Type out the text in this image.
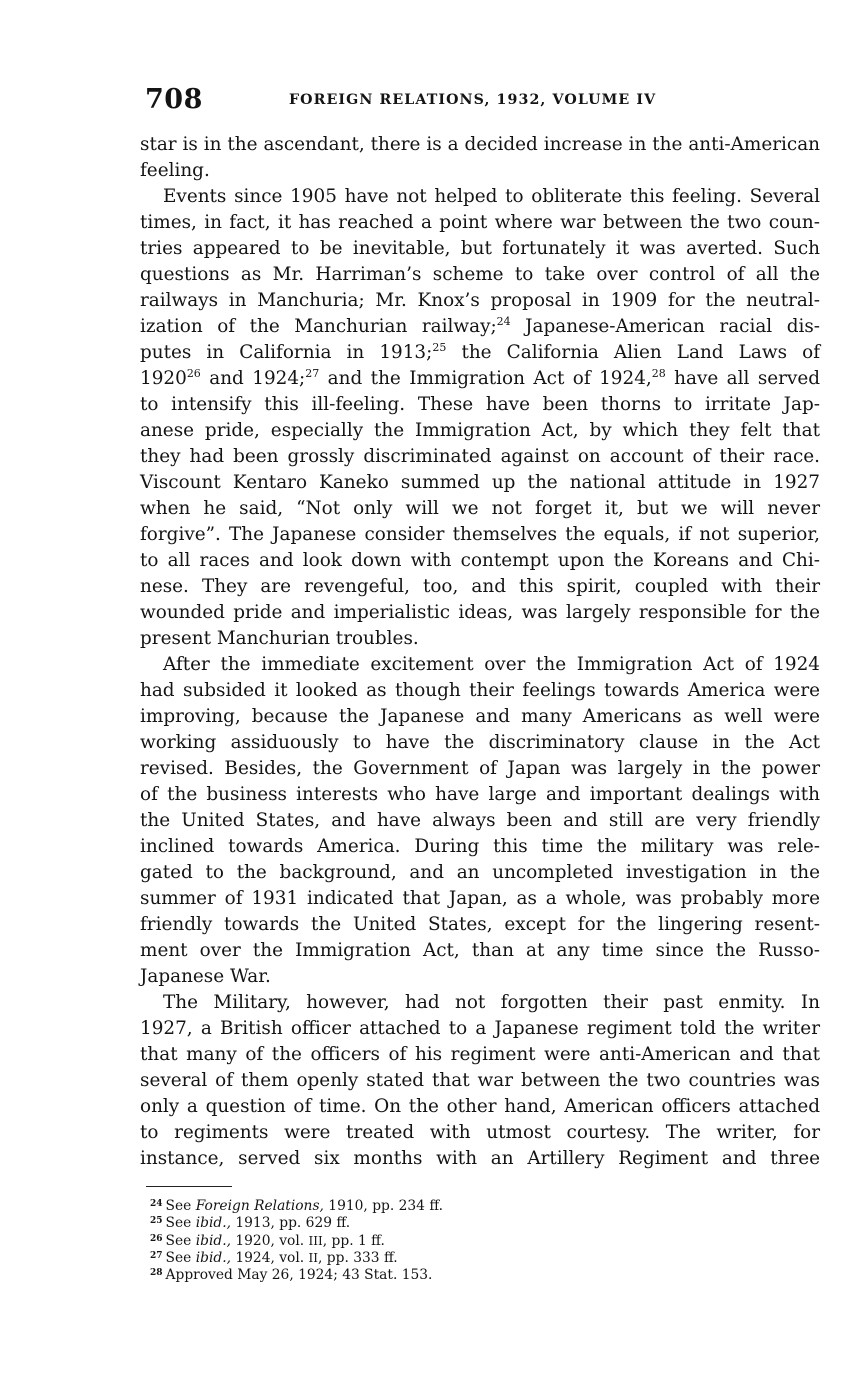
708	FOREIGN RELATIONS, 1932, VOLUME IV
star is in the ascendant, there is a decided increase in the anti-American
feeling.
Events since 1905 have not helped to obliterate this feeling. Several
times, in fact, it has reached a point where war between the two coun-
tries appeared to be inevitable, but fortunately it was averted. Such
questions as Mr. Harriman’s scheme to take over control of all the
railways in Manchuria; Mr. Knox’s proposal in 1909 for the neutral-
ization of the Manchurian railway;$^{24}$ Japanese-American racial dis-
putes in California in 1913;$^{25}$ the California Alien Land Laws of
1920$^{26}$ and 1924;$^{27}$ and the Immigration Act of 1924,28 have all served
to intensify this ill-feeling. These have been thorns to irritate Jap-
anese pride, especially the Immigration Act, by which they felt that
they had been grossly discriminated against on account of their race.
Viscount Kentaro Kaneko summed up the national attitude in 1927
when he said, “Not only will we not forget it, but we will never
forgive”. The Japanese consider themselves the equals, if not superior,
to all races and look down with contempt upon the Koreans and Chi-
nese. They are revengeful, too, and this spirit, coupled with their
wounded pride and imperialistic ideas, was largely responsible for the
present Manchurian troubles.
After the immediate excitement over the Immigration Act of 1924
had subsided it looked as though their feelings towards America were
improving, because the Japanese and many Americans as well were
working assiduously to have the discriminatory clause in the Act
revised. Besides, the Government of Japan was largely in the power
of the business interests who have large and important dealings with
the United States, and have always been and still are very friendly
inclined towards America. During this time the military was rele-
gated to the background, and an uncompleted investigation in the
summer of 1931 indicated that Japan, as a whole, was probably more
friendly towards the United States, except for the lingering resent-
ment over the Immigration Act, than at any time since the Russo-
Japanese War.
The Military, however, had not forgotten their past enmity. In
1927, a British officer attached to a Japanese regiment told the writer
that many of the officers of his regiment were anti-American and that
several of them openly stated that war between the two countries was
only a question of time. On the other hand, American officers attached
to regiments were treated with utmost courtesy. The writer, for
instance, served six months with an Artillery Regiment and three
$^{24}$ See Foreign Relations, 1910, pp. 234 ff.
$^{25}$ See ibid., 1913, pp. 629 ff.
$^{26}$ See ibid., 1920, vol. III, pp. 1 ff.
$^{27}$ See ibid., 1924, vol. II, pp. 333 ff.
$^{28}$ Approved May 26, 1924; 43 Stat. 153.
